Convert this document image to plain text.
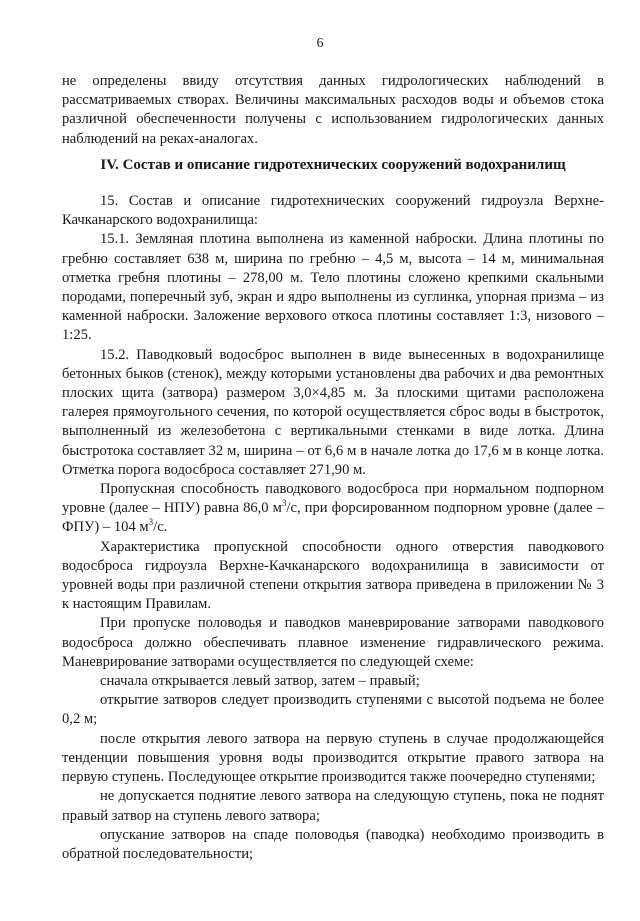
6

не определены ввиду отсутствия данных гидрологических наблюдений в рассматриваемых створах. Величины максимальных расходов воды и объемов стока различной обеспеченности получены с использованием гидрологических данных наблюдений на реках-аналогах.

IV. Состав и описание гидротехнических сооружений водохранилищ

15. Состав и описание гидротехнических сооружений гидроузла Верхне-Качканарского водохранилища:

15.1. Земляная плотина выполнена из каменной наброски. Длина плотины по гребню составляет 638 м, ширина по гребню – 4,5 м, высота – 14 м, минимальная отметка гребня плотины – 278,00 м. Тело плотины сложено крепкими скальными породами, поперечный зуб, экран и ядро выполнены из суглинка, упорная призма – из каменной наброски. Заложение верхового откоса плотины составляет 1:3, низового – 1:25.

15.2. Паводковый водосброс выполнен в виде вынесенных в водохранилище бетонных быков (стенок), между которыми установлены два рабочих и два ремонтных плоских щита (затвора) размером 3,0×4,85 м. За плоскими щитами расположена галерея прямоугольного сечения, по которой осуществляется сброс воды в быстроток, выполненный из железобетона с вертикальными стенками в виде лотка. Длина быстротока составляет 32 м, ширина – от 6,6 м в начале лотка до 17,6 м в конце лотка. Отметка порога водосброса составляет 271,90 м.

Пропускная способность паводкового водосброса при нормальном подпорном уровне (далее – НПУ) равна 86,0 $м^3/с$, при форсированном подпорном уровне (далее – ФПУ) – 104 $м^3/с$.

Характеристика пропускной способности одного отверстия паводкового водосброса гидроузла Верхне-Качканарского водохранилища в зависимости от уровней воды при различной степени открытия затвора приведена в приложении № 3 к настоящим Правилам.

При пропуске половодья и паводков маневрирование затворами паводкового водосброса должно обеспечивать плавное изменение гидравлического режима. Маневрирование затворами осуществляется по следующей схеме:

сначала открывается левый затвор, затем – правый;

открытие затворов следует производить ступенями с высотой подъема не более 0,2 м;

после открытия левого затвора на первую ступень в случае продолжающейся тенденции повышения уровня воды производится открытие правого затвора на первую ступень. Последующее открытие производится также поочередно ступенями;

не допускается поднятие левого затвора на следующую ступень, пока не поднят правый затвор на ступень левого затвора;

опускание затворов на спаде половодья (паводка) необходимо производить в обратной последовательности;
